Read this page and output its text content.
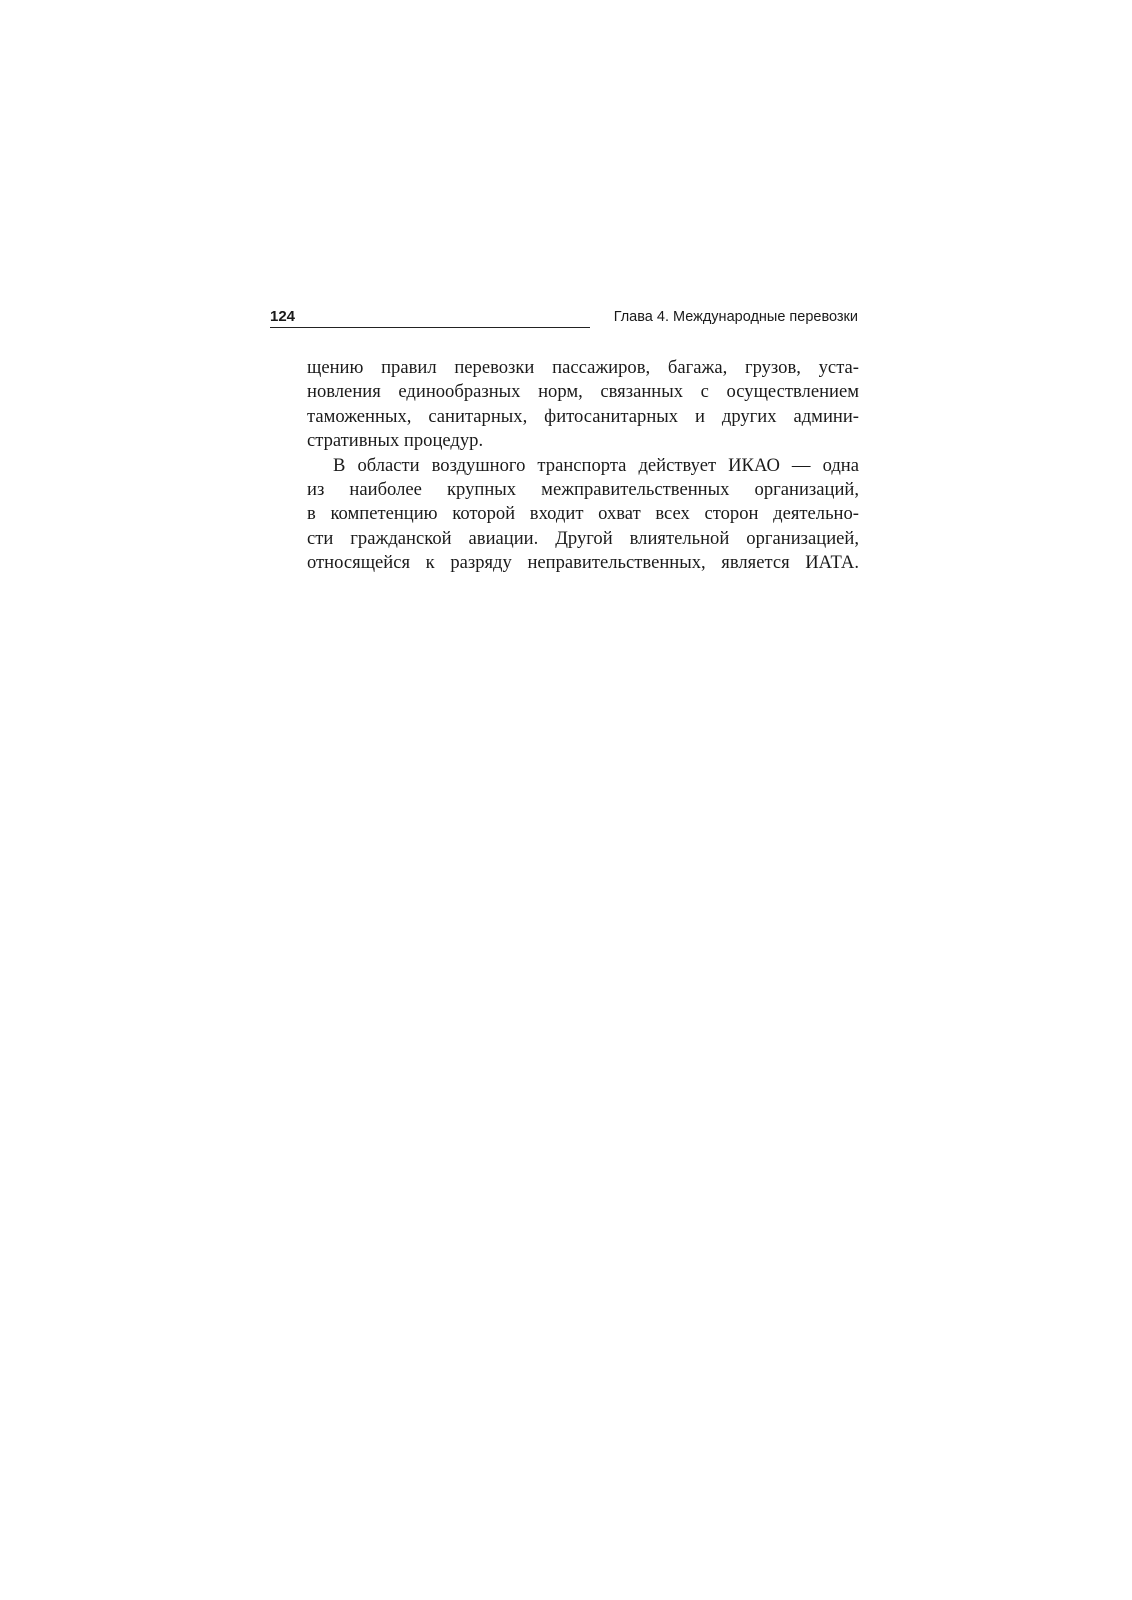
124	Глава 4. Международные перевозки

щению правил перевозки пассажиров, багажа, грузов, уста-
новления единообразных норм, связанных с осуществлением
таможенных, санитарных, фитосанитарных и других админи-
стративных процедур.

В области воздушного транспорта действует ИКАО — одна
из наиболее крупных межправительственных организаций,
в компетенцию которой входит охват всех сторон деятельно-
сти гражданской авиации. Другой влиятельной организацией,
относящейся к разряду неправительственных, является ИАТА.
